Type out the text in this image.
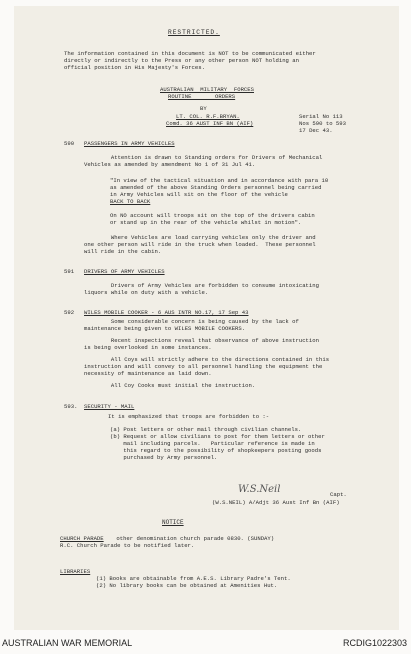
RESTRICTED.
The information contained in this document is NOT to be communicated either
directly or indirectly to the Press or any other person NOT holding an
official position in His Majesty's Forces.
AUSTRALIAN  MILITARY  FORCES
ROUTINE       ORDERS
BY
LT. COL. R.F.BRYAN.
Comd. 36 AUST INF BN (AIF)
Serial No 113
Nos 590 to 593
17 Dec 43.
590 PASSENGERS IN ARMY VEHICLES
Attention is drawn to Standing orders for Drivers of Mechanical
Vehicles as amended by amendment No 1 of 31 Jul 41.
"In view of the tactical situation and in accordance with para 10
as amended of the above Standing Orders personnel being carried
in Army Vehicles will sit on the floor of the vehicle
BACK TO BACK
On NO account will troops sit on the top of the drivers cabin
or stand up in the rear of the vehicle whilst in motion".
Where Vehicles are load carrying vehicles only the driver and
one other person will ride in the truck when loaded.  These personnel
will ride in the cabin.
591 DRIVERS OF ARMY VEHICLES
Drivers of Army Vehicles are forbidden to consume intoxicating
liquors while on duty with a vehicle.
592 WILES MOBILE COOKER - 6 AUS INTR NO.17, 17 Sep 43
Some considerable concern is being caused by the lack of
maintenance being given to WILES MOBILE COOKERS.
Recent inspections reveal that observance of above instruction
is being overlooked in some instances.
All Coys will strictly adhere to the directions contained in this
instruction and will convey to all personnel handling the equipment the
necessity of maintenance as laid down.
All Coy Cooks must initial the instruction.
593. SECURITY - MAIL
It is emphasized that troops are forbidden to :-
(a) Post letters or other mail through civilian channels.
(b) Request or allow civilians to post for them letters or other
mail including parcels.   Particular reference is made in
this regard to the possibility of shopkeepers posting goods
purchased by Army personnel.
W.S.Neil	Capt.
(W.S.NEIL) A/Adjt 36 Aust Inf Bn (AIF)
NOTICE
CHURCH PARADE other denomination church parade 0830. (SUNDAY)
R.C. Church Parade to be notified later.
LIBRARIES
(1) Books are obtainable from A.E.S. Library Padre's Tent.
(2) No library books can be obtained at Amenities Hut.
AUSTRALIAN WAR MEMORIAL	RCDIG1022303
